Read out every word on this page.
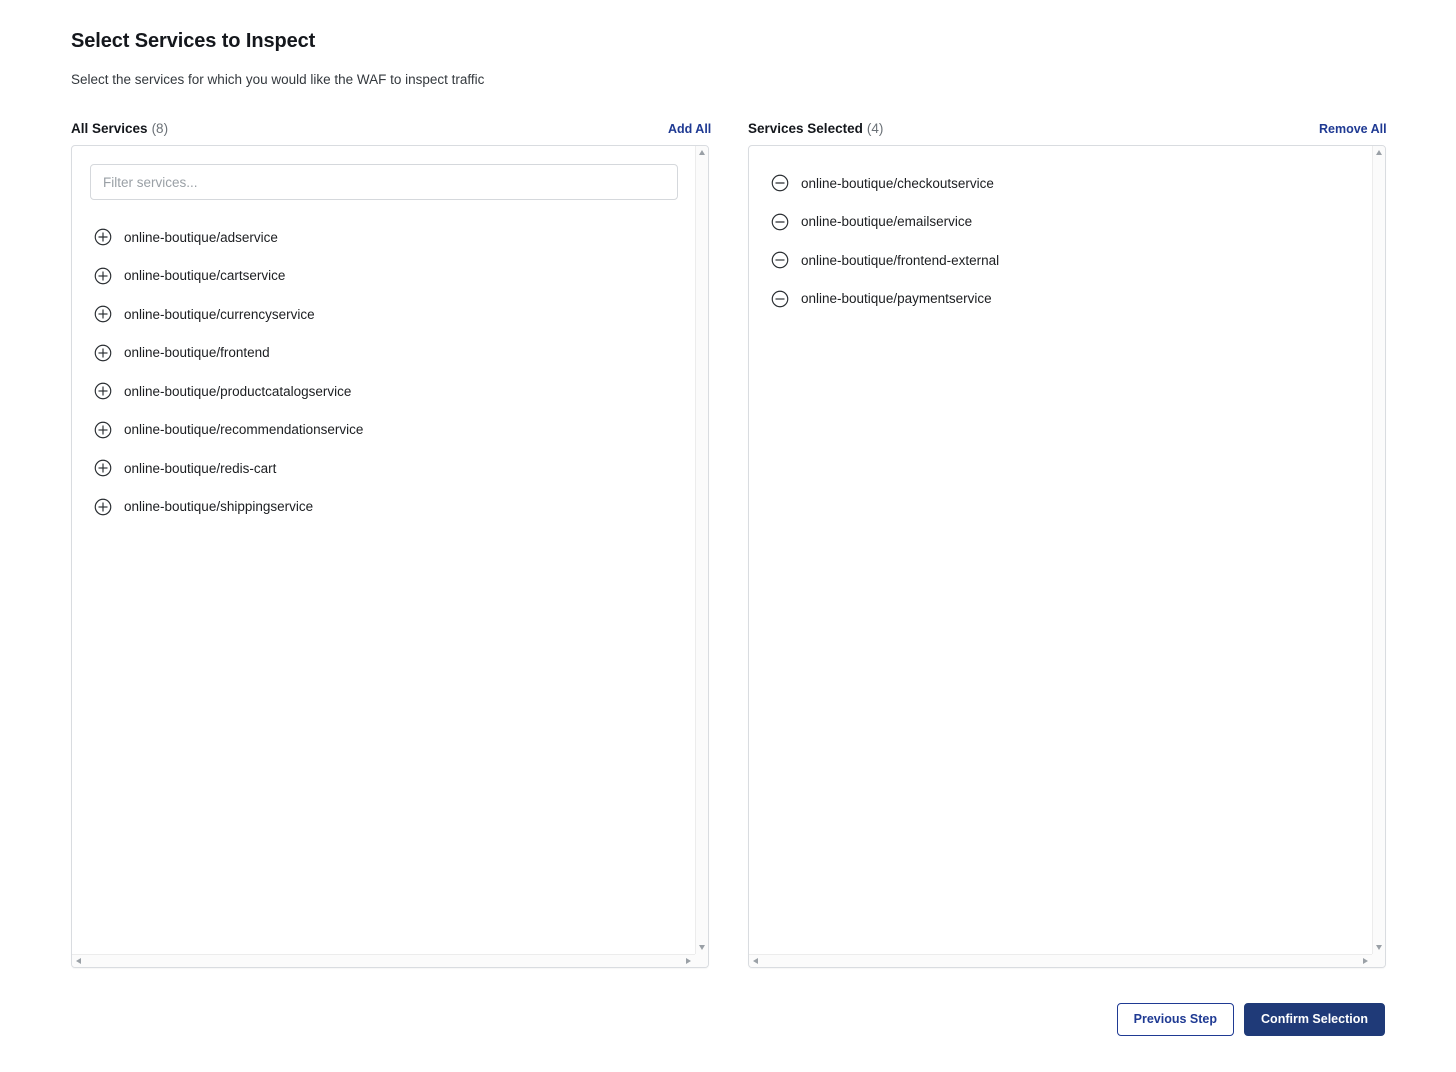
Select Services to Inspect
Select the services for which you would like the WAF to inspect traffic
All Services (8)	Add All	Services Selected (4)	Remove All
Filter services...
online-boutique/adservice
online-boutique/cartservice
online-boutique/currencyservice
online-boutique/frontend
online-boutique/productcatalogservice
online-boutique/recommendationservice
online-boutique/redis-cart
online-boutique/shippingservice
online-boutique/checkoutservice
online-boutique/emailservice
online-boutique/frontend-external
online-boutique/paymentservice
Previous Step	Confirm Selection
